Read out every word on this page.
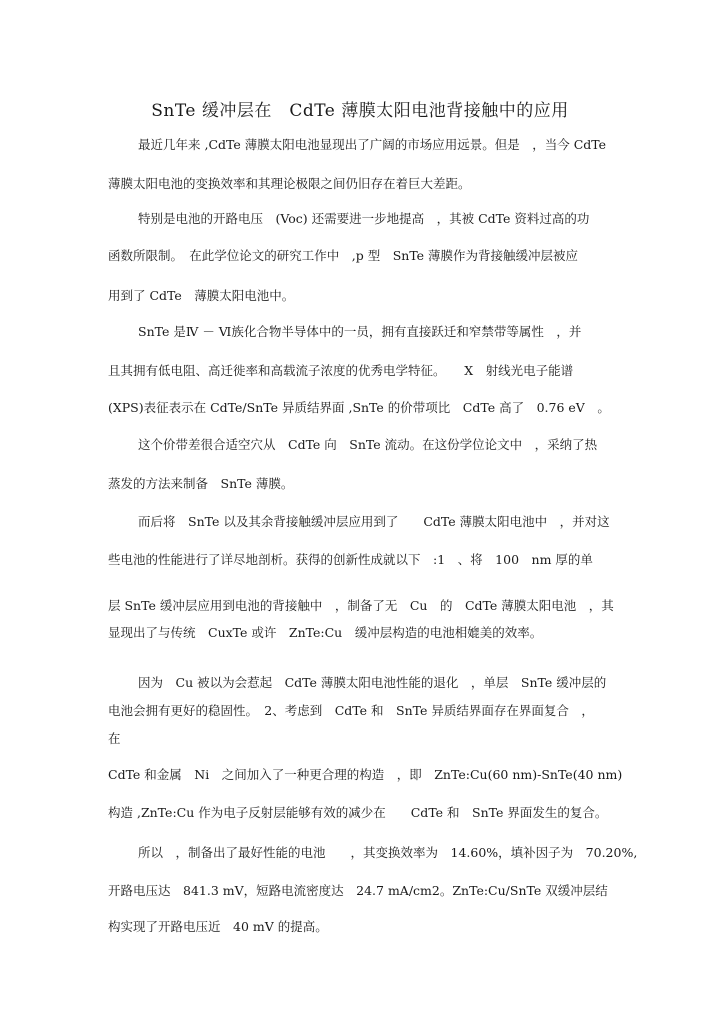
SnTe 缓冲层在　CdTe 薄膜太阳电池背接触中的应用
最近几年来 ,CdTe 薄膜太阳电池显现出了广阔的市场应用远景。但是　，当今 CdTe
薄膜太阳电池的变换效率和其理论极限之间仍旧存在着巨大差距。
特别是电池的开路电压　(Voc) 还需要进一步地提高　，其被 CdTe 资料过高的功
函数所限制。　在此学位论文的研究工作中　,p 型　SnTe 薄膜作为背接触缓冲层被应
用到了 CdTe　薄膜太阳电池中。
SnTe 是Ⅳ － Ⅵ族化合物半导体中的一员，拥有直接跃迁和窄禁带等属性　，并
且其拥有低电阻、高迁徙率和高载流子浓度的优秀电学特征。　　X　射线光电子能谱
(XPS)表征表示在 CdTe/SnTe 异质结界面 ,SnTe 的价带项比　CdTe 高了　0.76 eV　。
这个价带差很合适空穴从　CdTe 向　SnTe 流动。在这份学位论文中　，采纳了热
蒸发的方法来制备　SnTe 薄膜。
而后将　SnTe 以及其余背接触缓冲层应用到了　　CdTe 薄膜太阳电池中　，并对这
些电池的性能进行了详尽地剖析。获得的创新性成就以下　:1　、将　100　nm 厚的单
层 SnTe 缓冲层应用到电池的背接触中　，制备了无　Cu　的　CdTe 薄膜太阳电池　，其
显现出了与传统　CuxTe 或许　ZnTe:Cu　缓冲层构造的电池相媲美的效率。
因为　Cu 被以为会惹起　CdTe 薄膜太阳电池性能的退化　，单层　SnTe 缓冲层的
电池会拥有更好的稳固性。　2、考虑到　CdTe 和　SnTe 异质结界面存在界面复合　，
在
CdTe 和金属　Ni　之间加入了一种更合理的构造　，即　ZnTe:Cu(60 nm)-SnTe(40 nm)
构造 ,ZnTe:Cu 作为电子反射层能够有效的减少在　　CdTe 和　SnTe 界面发生的复合。
所以　，制备出了最好性能的电池　　，其变换效率为　14.60%，填补因子为　70.20%,
开路电压达　841.3 mV，短路电流密度达　24.7 mA/cm2。ZnTe:Cu/SnTe 双缓冲层结
构实现了开路电压近　40 mV 的提高。
